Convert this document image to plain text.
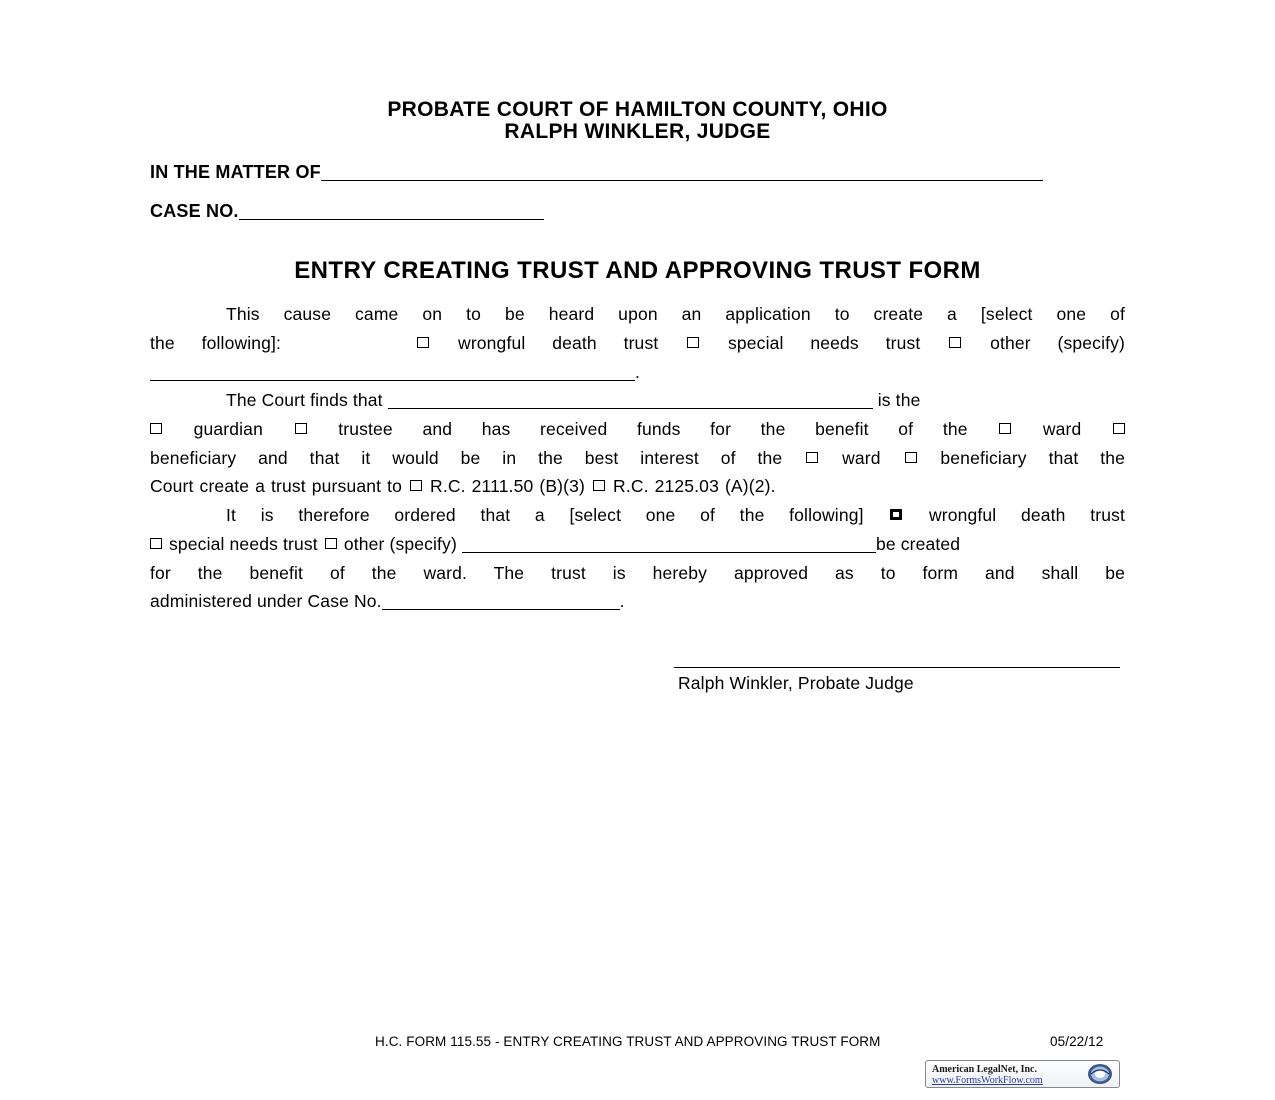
PROBATE COURT OF HAMILTON COUNTY, OHIO
RALPH WINKLER, JUDGE
IN THE MATTER OF
CASE NO.
ENTRY CREATING TRUST AND APPROVING TRUST FORM
This cause came on to be heard upon an application to create a [select one of
the following]:	wrongful death trust	special needs trust	other (specify)
.
The Court finds that	is the
guardian	trustee and has received funds for the benefit of the	ward
beneficiary and that it would be in the best interest of the	ward	beneficiary that the
Court create a trust pursuant to R.C. 2111.50 (B)(3) R.C. 2125.03 (A)(2).
It is therefore ordered that a [select one of the following]	wrongful death trust
special needs trust other (specify)	be created
for the benefit of the ward. The trust is hereby approved as to form and shall be
administered under Case No.	.
Ralph Winkler, Probate Judge
H.C. FORM 115.55 - ENTRY CREATING TRUST AND APPROVING TRUST FORM	05/22/12
American LegalNet, Inc.
www.FormsWorkFlow.com
